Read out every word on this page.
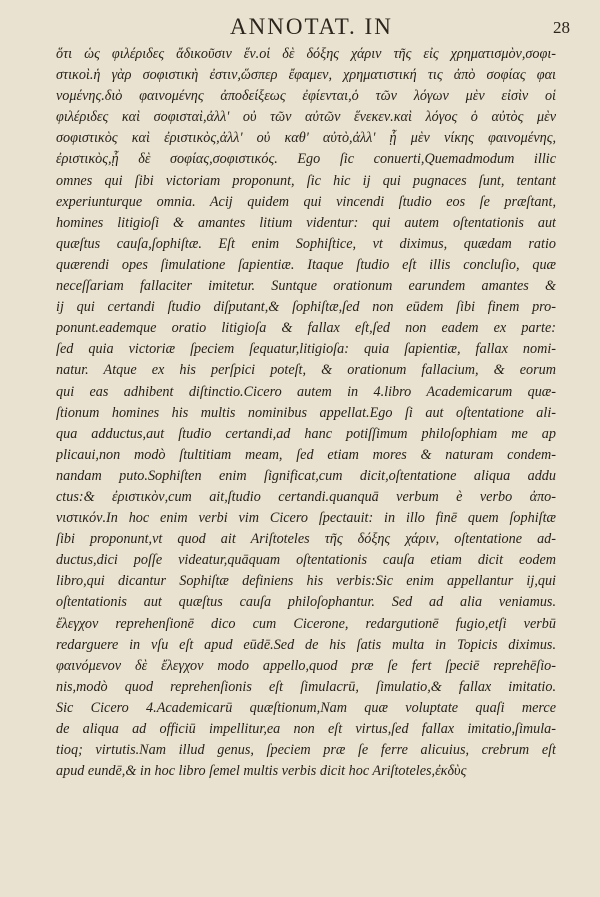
ANNOTAT. IN	28
ὅτι ὡς φιλέριδες ἄδικοῦσιν ἕν.οἱ δὲ δόξης χάριν τῆς εἰς χρηματισμὸν,σοφι-
στικοὶ.ἡ γὰρ σοφιστικὴ ἐστιν,ὥσπερ ἔφαμεν, χρηματιστική τις ἀπὸ σοφίας φαι
νομένης.διὸ φαινομένης ἀποδείξεως ἐφίενται,ὁ τῶν λόγων μὲν εἰσὶν οἱ
φιλέριδες καὶ σοφισταὶ,ἀλλ' οὐ τῶν αὐτῶν ἕνεκεν.καὶ λόγος ὁ αὐτὸς μὲν
σοφιστικὸς καὶ ἐριστικὸς,ἀλλ' οὐ καθ' αὐτὸ,ἀλλ' ᾗ μὲν νίκης φαινομένης,
ἐριστικὸς,ᾗ δὲ σοφίας,σοφιστικός. Ego ſic conuerti,Quemadmodum illic
omnes qui ſibi victoriam proponunt, ſic hic ij qui pugnaces ſunt, tentant
experiunturque omnia. Acij quidem qui vincendi ſtudio eos ſe præſtant,
homines litigioſi & amantes litium videntur: qui autem oſtentationis aut
quæſtus cauſa,ſophiſtæ. Eſt enim Sophiſtice, vt diximus, quædam ratio
quærendi opes ſimulatione ſapientiæ. Itaque ſtudio eſt illis concluſio, quæ
neceſſariam fallaciter imitetur. Suntque orationum earundem amantes &
ij qui certandi ſtudio diſputant,& ſophiſtæ,ſed non eūdem ſibi finem pro-
ponunt.eademque oratio litigioſa & fallax eſt,ſed non eadem ex parte:
ſed quia victoriæ ſpeciem ſequatur,litigioſa: quia ſapientiæ, fallax nomi-
natur. Atque ex his perſpici poteſt, & orationum fallacium, & eorum
qui eas adhibent diſtinctio.Cicero autem in 4.libro Academicarum quæ-
ſtionum homines his multis nominibus appellat.Ego ſi aut oſtentatione ali-
qua adductus,aut ſtudio certandi,ad hanc potiſſimum philoſophiam me ap
plicaui,non modò ſtultitiam meam, ſed etiam mores & naturam condem-
nandam puto.Sophiſten enim ſignificat,cum dicit,oſtentatione aliqua addu
ctus:& ἐριστικὸν,cum ait,ſtudio certandi.quanquā verbum è verbo ἀπο-
νιστικόν.In hoc enim verbi vim Cicero ſpectauit: in illo finē quem ſophiſtæ
ſibi proponunt,vt quod ait Ariſtoteles τῆς δόξης χάριν, oſtentatione ad-
ductus,dici poſſe videatur,quāquam oſtentationis cauſa etiam dicit eodem
libro,qui dicantur Sophiſtæ definiens his verbis:Sic enim appellantur ij,qui
oſtentationis aut quæſtus cauſa philoſophantur. Sed ad alia veniamus.
ἔλεγχον reprehenſionē dico cum Cicerone, redargutionē fugio,etſi verbū
redarguere in vſu eſt apud eūdē.Sed de his ſatis multa in Topicis diximus.
φαινόμενον δὲ ἔλεγχον modo appello,quod præ ſe fert ſpeciē reprehēſio-
nis,modò quod reprehenſionis eſt ſimulacrū, ſimulatio,& fallax imitatio.
Sic Cicero 4.Academicarū quæſtionum,Nam quæ voluptate quaſi merce
de aliqua ad officiū impellitur,ea non eſt virtus,ſed fallax imitatio,ſimula-
tioq; virtutis.Nam illud genus, ſpeciem præ ſe ferre alicuius, crebrum eſt
apud eundē,& in hoc libro ſemel multis verbis dicit hoc Ariſtoteles,ἐκδὺς
